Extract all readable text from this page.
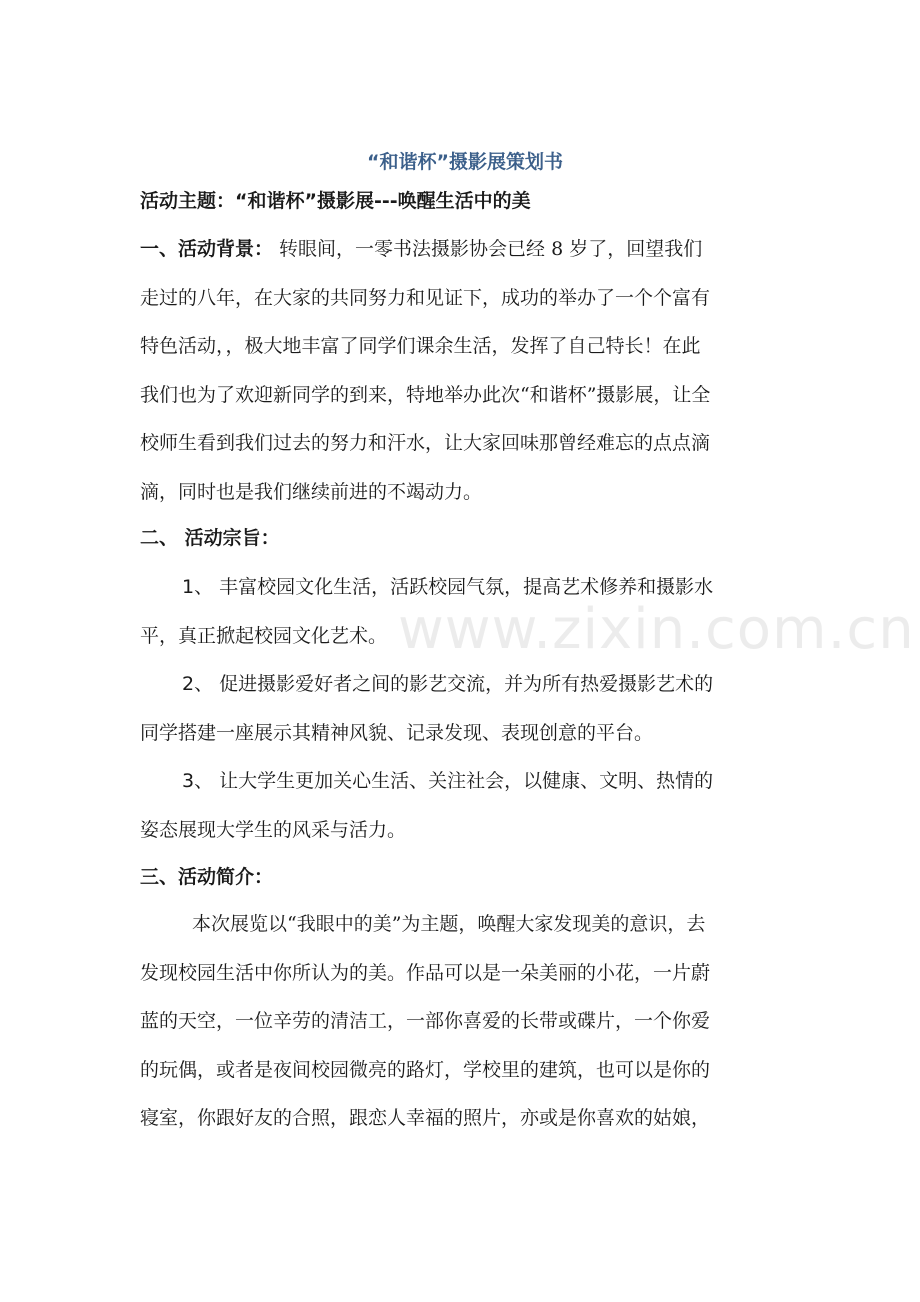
“和谐杯”摄影展策划书
活动主题：“和谐杯”摄影展---唤醒生活中的美
一、活动背景： 转眼间，一零书法摄影协会已经 8 岁了，回望我们
走过的八年，在大家的共同努力和见证下，成功的举办了一个个富有
特色活动，，极大地丰富了同学们课余生活，发挥了自己特长！在此
我们也为了欢迎新同学的到来，特地举办此次“和谐杯”摄影展，让全
校师生看到我们过去的努力和汗水，让大家回味那曾经难忘的点点滴
滴，同时也是我们继续前进的不竭动力。
二、 活动宗旨：
1、 丰富校园文化生活，活跃校园气氛，提高艺术修养和摄影水
平，真正掀起校园文化艺术。
2、 促进摄影爱好者之间的影艺交流，并为所有热爱摄影艺术的
同学搭建一座展示其精神风貌、记录发现、表现创意的平台。
3、 让大学生更加关心生活、关注社会，以健康、文明、热情的
姿态展现大学生的风采与活力。
三、活动简介：
本次展览以“我眼中的美”为主题，唤醒大家发现美的意识，去
发现校园生活中你所认为的美。作品可以是一朵美丽的小花，一片蔚
蓝的天空，一位辛劳的清洁工，一部你喜爱的长带或碟片，一个你爱
的玩偶，或者是夜间校园微亮的路灯，学校里的建筑，也可以是你的
寝室，你跟好友的合照，跟恋人幸福的照片，亦或是你喜欢的姑娘，
www.zixin.com.cn
